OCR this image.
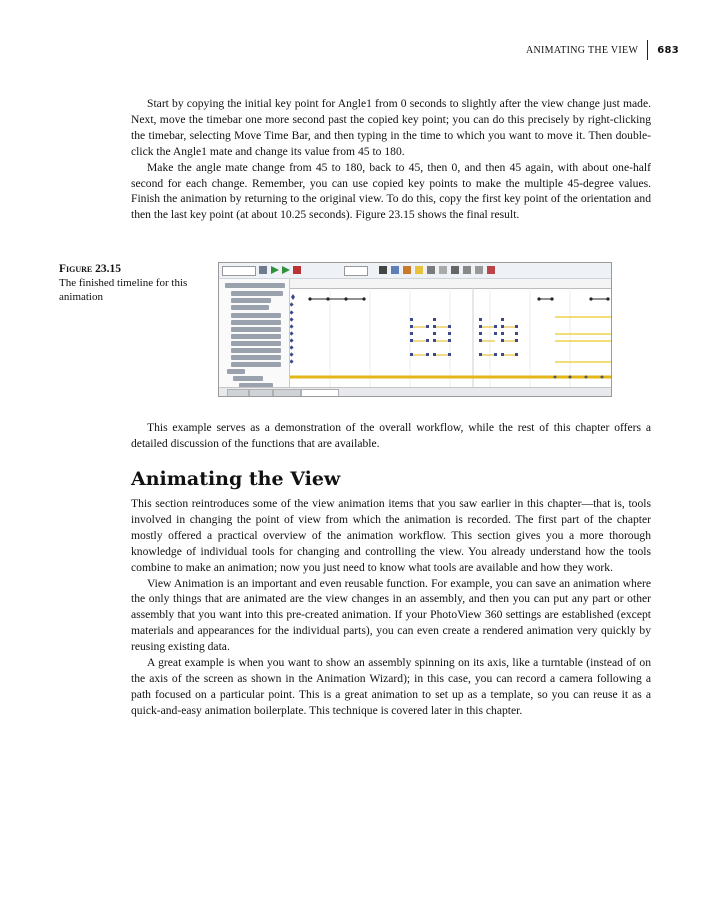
ANIMATING THE VIEW 683

Start by copying the initial key point for Angle1 from 0 seconds to slightly after the view change just made. Next, move the timebar one more second past the copied key point; you can do this precisely by right-clicking the timebar, selecting Move Time Bar, and then typing in the time to which you want to move it. Then double-click the Angle1 mate and change its value from 45 to 180.

Make the angle mate change from 45 to 180, back to 45, then 0, and then 45 again, with about one-half second for each change. Remember, you can use copied key points to make the multiple 45-degree values. Finish the animation by returning to the original view. To do this, copy the first key point of the orientation and then the last key point (at about 10.25 seconds). Figure 23.15 shows the final result.

Figure 23.15
The finished timeline for this animation

This example serves as a demonstration of the overall workflow, while the rest of this chapter offers a detailed discussion of the functions that are available.

Animating the View

This section reintroduces some of the view animation items that you saw earlier in this chapter—that is, tools involved in changing the point of view from which the animation is recorded. The first part of the chapter mostly offered a practical overview of the animation workflow. This section gives you a more thorough knowledge of individual tools for changing and controlling the view. You already understand how the tools combine to make an animation; now you just need to know what tools are available and how they work.

View Animation is an important and even reusable function. For example, you can save an animation where the only things that are animated are the view changes in an assembly, and then you can put any part or other assembly that you want into this pre-created animation. If your PhotoView 360 settings are established (except materials and appearances for the individual parts), you can even create a rendered animation very quickly by reusing existing data.

A great example is when you want to show an assembly spinning on its axis, like a turntable (instead of on the axis of the screen as shown in the Animation Wizard); in this case, you can record a camera following a path focused on a particular point. This is a great animation to set up as a template, so you can reuse it as a quick-and-easy animation boilerplate. This technique is covered later in this chapter.
